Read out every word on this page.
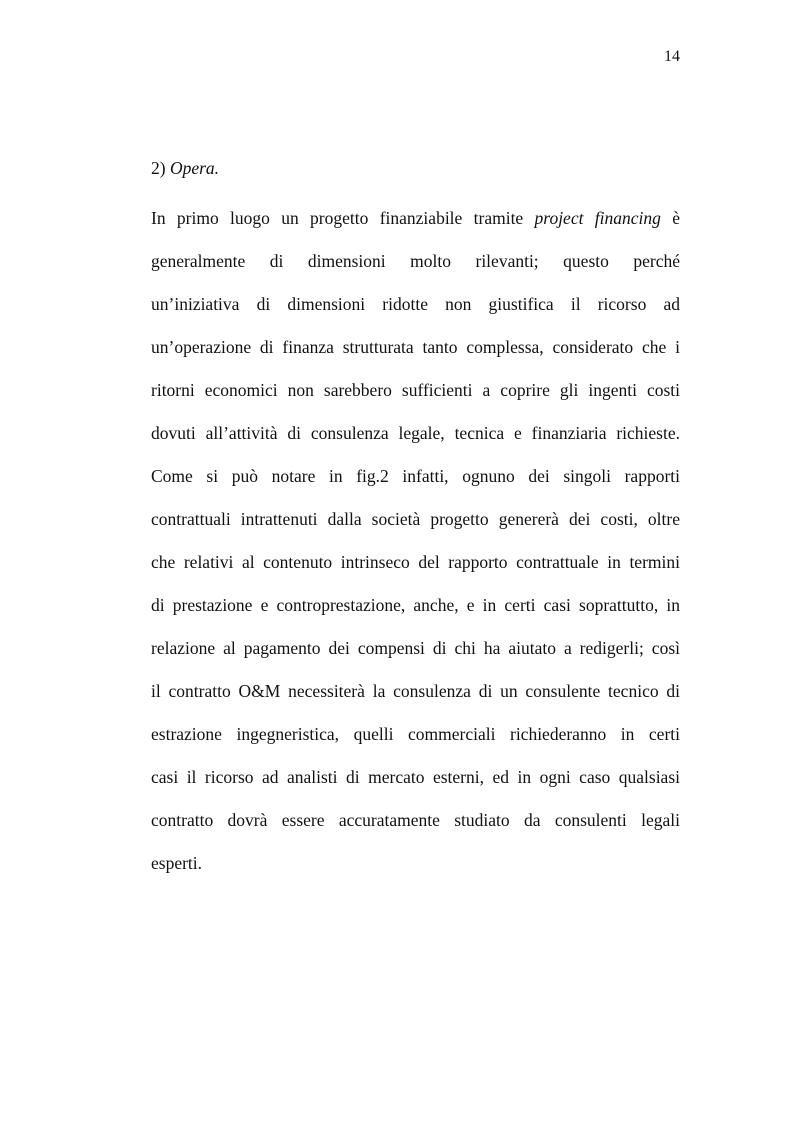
14
2) Opera.
In primo luogo un progetto finanziabile tramite project financing è
generalmente di dimensioni molto rilevanti; questo perché
un’iniziativa di dimensioni ridotte non giustifica il ricorso ad
un’operazione di finanza strutturata tanto complessa, considerato che i
ritorni economici non sarebbero sufficienti a coprire gli ingenti costi
dovuti all’attività di consulenza legale, tecnica e finanziaria richieste.
Come si può notare in fig.2 infatti, ognuno dei singoli rapporti
contrattuali intrattenuti dalla società progetto genererà dei costi, oltre
che relativi al contenuto intrinseco del rapporto contrattuale in termini
di prestazione e controprestazione, anche, e in certi casi soprattutto, in
relazione al pagamento dei compensi di chi ha aiutato a redigerli; così
il contratto O&M necessiterà la consulenza di un consulente tecnico di
estrazione ingegneristica, quelli commerciali richiederanno in certi
casi il ricorso ad analisti di mercato esterni, ed in ogni caso qualsiasi
contratto dovrà essere accuratamente studiato da consulenti legali
esperti.
